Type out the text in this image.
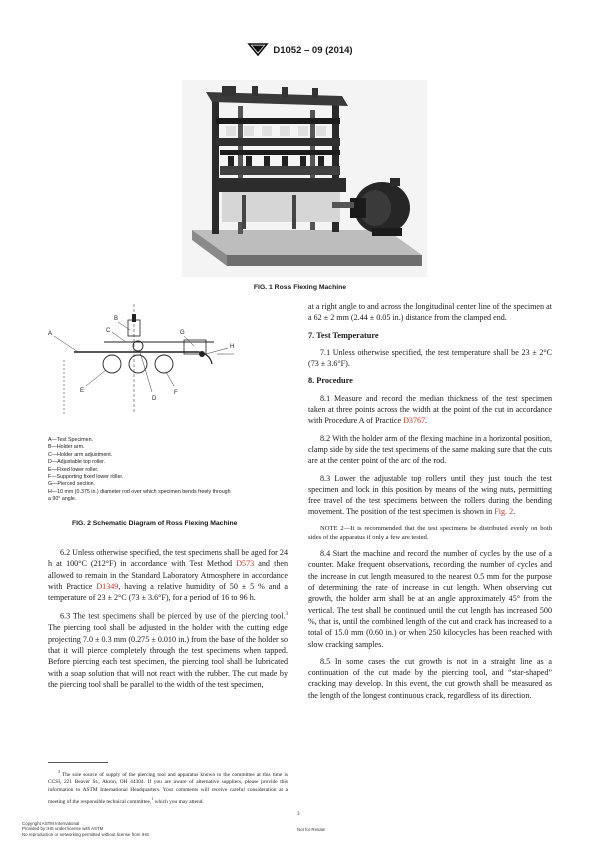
D1052 – 09 (2014)
FIG. 1 Ross Flexing Machine
A
B
C
D
E	F
G
H
A—Test Specimen.
B—Holder arm.
C—Holder arm adjustment.
D—Adjustable top roller.
E—Fixed lower roller.
F—Supporting fixed lower roller.
G—Pierced section.
H—10 mm (0.375 in.) diameter rod over which specimen bends freely through
a 90° angle.
FIG. 2 Schematic Diagram of Ross Flexing Machine

6.2 Unless otherwise specified, the test specimens shall be aged for 24 h at 100°C (212°F) in accordance with Test Method D573 and then allowed to remain in the Standard Laboratory Atmosphere in accordance with Practice D1349, having a relative humidity of 50 ± 5 % and a temperature of 23 ± 2°C (73 ± 3.6°F), for a period of 16 to 96 h.

6.3 The test specimens shall be pierced by use of the piercing tool.$^3$ The piercing tool shall be adjusted in the holder with the cutting edge projecting 7.0 ± 0.3 mm (0.275 ± 0.010 in.) from the base of the holder so that it will pierce completely through the test specimens when tapped. Before piercing each test specimen, the piercing tool shall be lubricated with a soap solution that will not react with the rubber. The cut made by the piercing tool shall be parallel to the width of the test specimen,

$^3$ The sole source of supply of the piercing tool and apparatus known to the committee at this time is CCSI, 221 Beaver St., Akron, OH 44304. If you are aware of alternative suppliers, please provide this information to ASTM International Headquarters. Your comments will receive careful consideration at a meeting of the responsible technical committee,$^1$ which you may attend.

at a right angle to and across the longitudinal center line of the specimen at a 62 ± 2 mm (2.44 ± 0.05 in.) distance from the clamped end.

7. Test Temperature

7.1 Unless otherwise specified, the test temperature shall be 23 ± 2°C (73 ± 3.6°F).

8. Procedure

8.1 Measure and record the median thickness of the test specimen taken at three points across the width at the point of the cut in accordance with Procedure A of Practice D3767.

8.2 With the holder arm of the flexing machine in a horizontal position, clamp side by side the test specimens of the same making sure that the cuts are at the center point of the arc of the rod.

8.3 Lower the adjustable top rollers until they just touch the test specimen and lock in this position by means of the wing nuts, permitting free travel of the test specimens between the rollers during the bending movement. The position of the test specimen is shown in Fig. 2.

NOTE 2—It is recommended that the test specimens be distributed evenly on both sides of the apparatus if only a few are tested.

8.4 Start the machine and record the number of cycles by the use of a counter. Make frequent observations, recording the number of cycles and the increase in cut length measured to the nearest 0.5 mm for the purpose of determining the rate of increase in cut length. When observing cut growth, the holder arm shall be at an angle approximately 45° from the vertical. The test shall be continued until the cut length has increased 500 %, that is, until the combined length of the cut and crack has increased to a total of 15.0 mm (0.60 in.) or when 250 kilocycles has been reached with slow cracking samples.

8.5 In some cases the cut growth is not in a straight line as a continuation of the cut made by the piercing tool, and “star-shaped” cracking may develop. In this event, the cut growth shall be measured as the length of the longest continuous crack, regardless of its direction.

3
Copyright ASTM International
Provided by IHS under license with ASTM
No reproduction or networking permitted without license from IHS
Not for Resale
